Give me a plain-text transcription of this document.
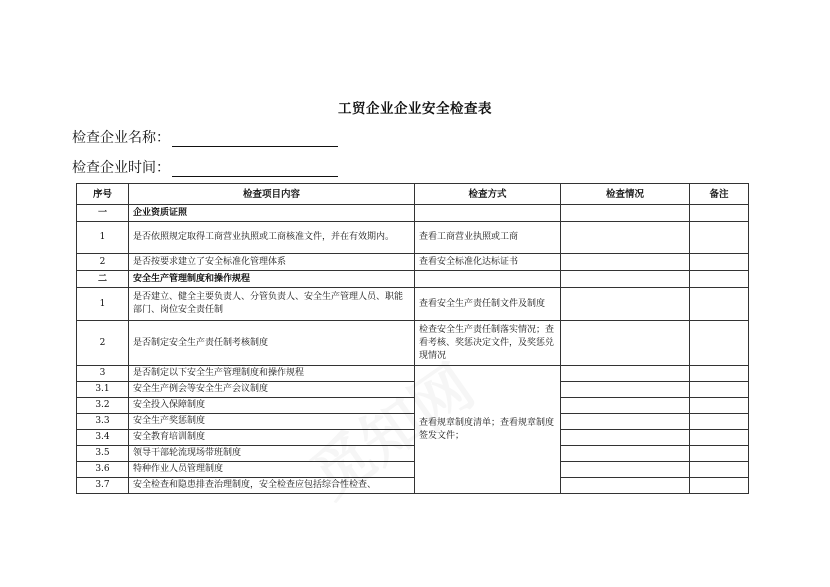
工贸企业企业安全检查表
检查企业名称：
检查企业时间：
序号	检查项目内容	检查方式	检查情况	备注
一	企业资质证照			
1	是否依照规定取得工商营业执照或工商核准文件，并在有效期内。	查看工商营业执照或工商		
2	是否按要求建立了安全标准化管理体系	查看安全标准化达标证书		
二	安全生产管理制度和操作规程			
1	是否建立、健全主要负责人、分管负责人、安全生产管理人员、职能部门、岗位安全责任制	查看安全生产责任制文件及制度		
2	是否制定安全生产责任制考核制度	检查安全生产责任制落实情况；查看考核、奖惩决定文件，及奖惩兑现情况		
3	是否制定以下安全生产管理制度和操作规程	查看规章制度清单；查看规章制度签发文件；		
3.1	安全生产例会等安全生产会议制度			
3.2	安全投入保障制度			
3.3	安全生产奖惩制度			
3.4	安全教育培训制度			
3.5	领导干部轮流现场带班制度			
3.6	特种作业人员管理制度			
3.7	安全检查和隐患排查治理制度，安全检查应包括综合性检查、			
